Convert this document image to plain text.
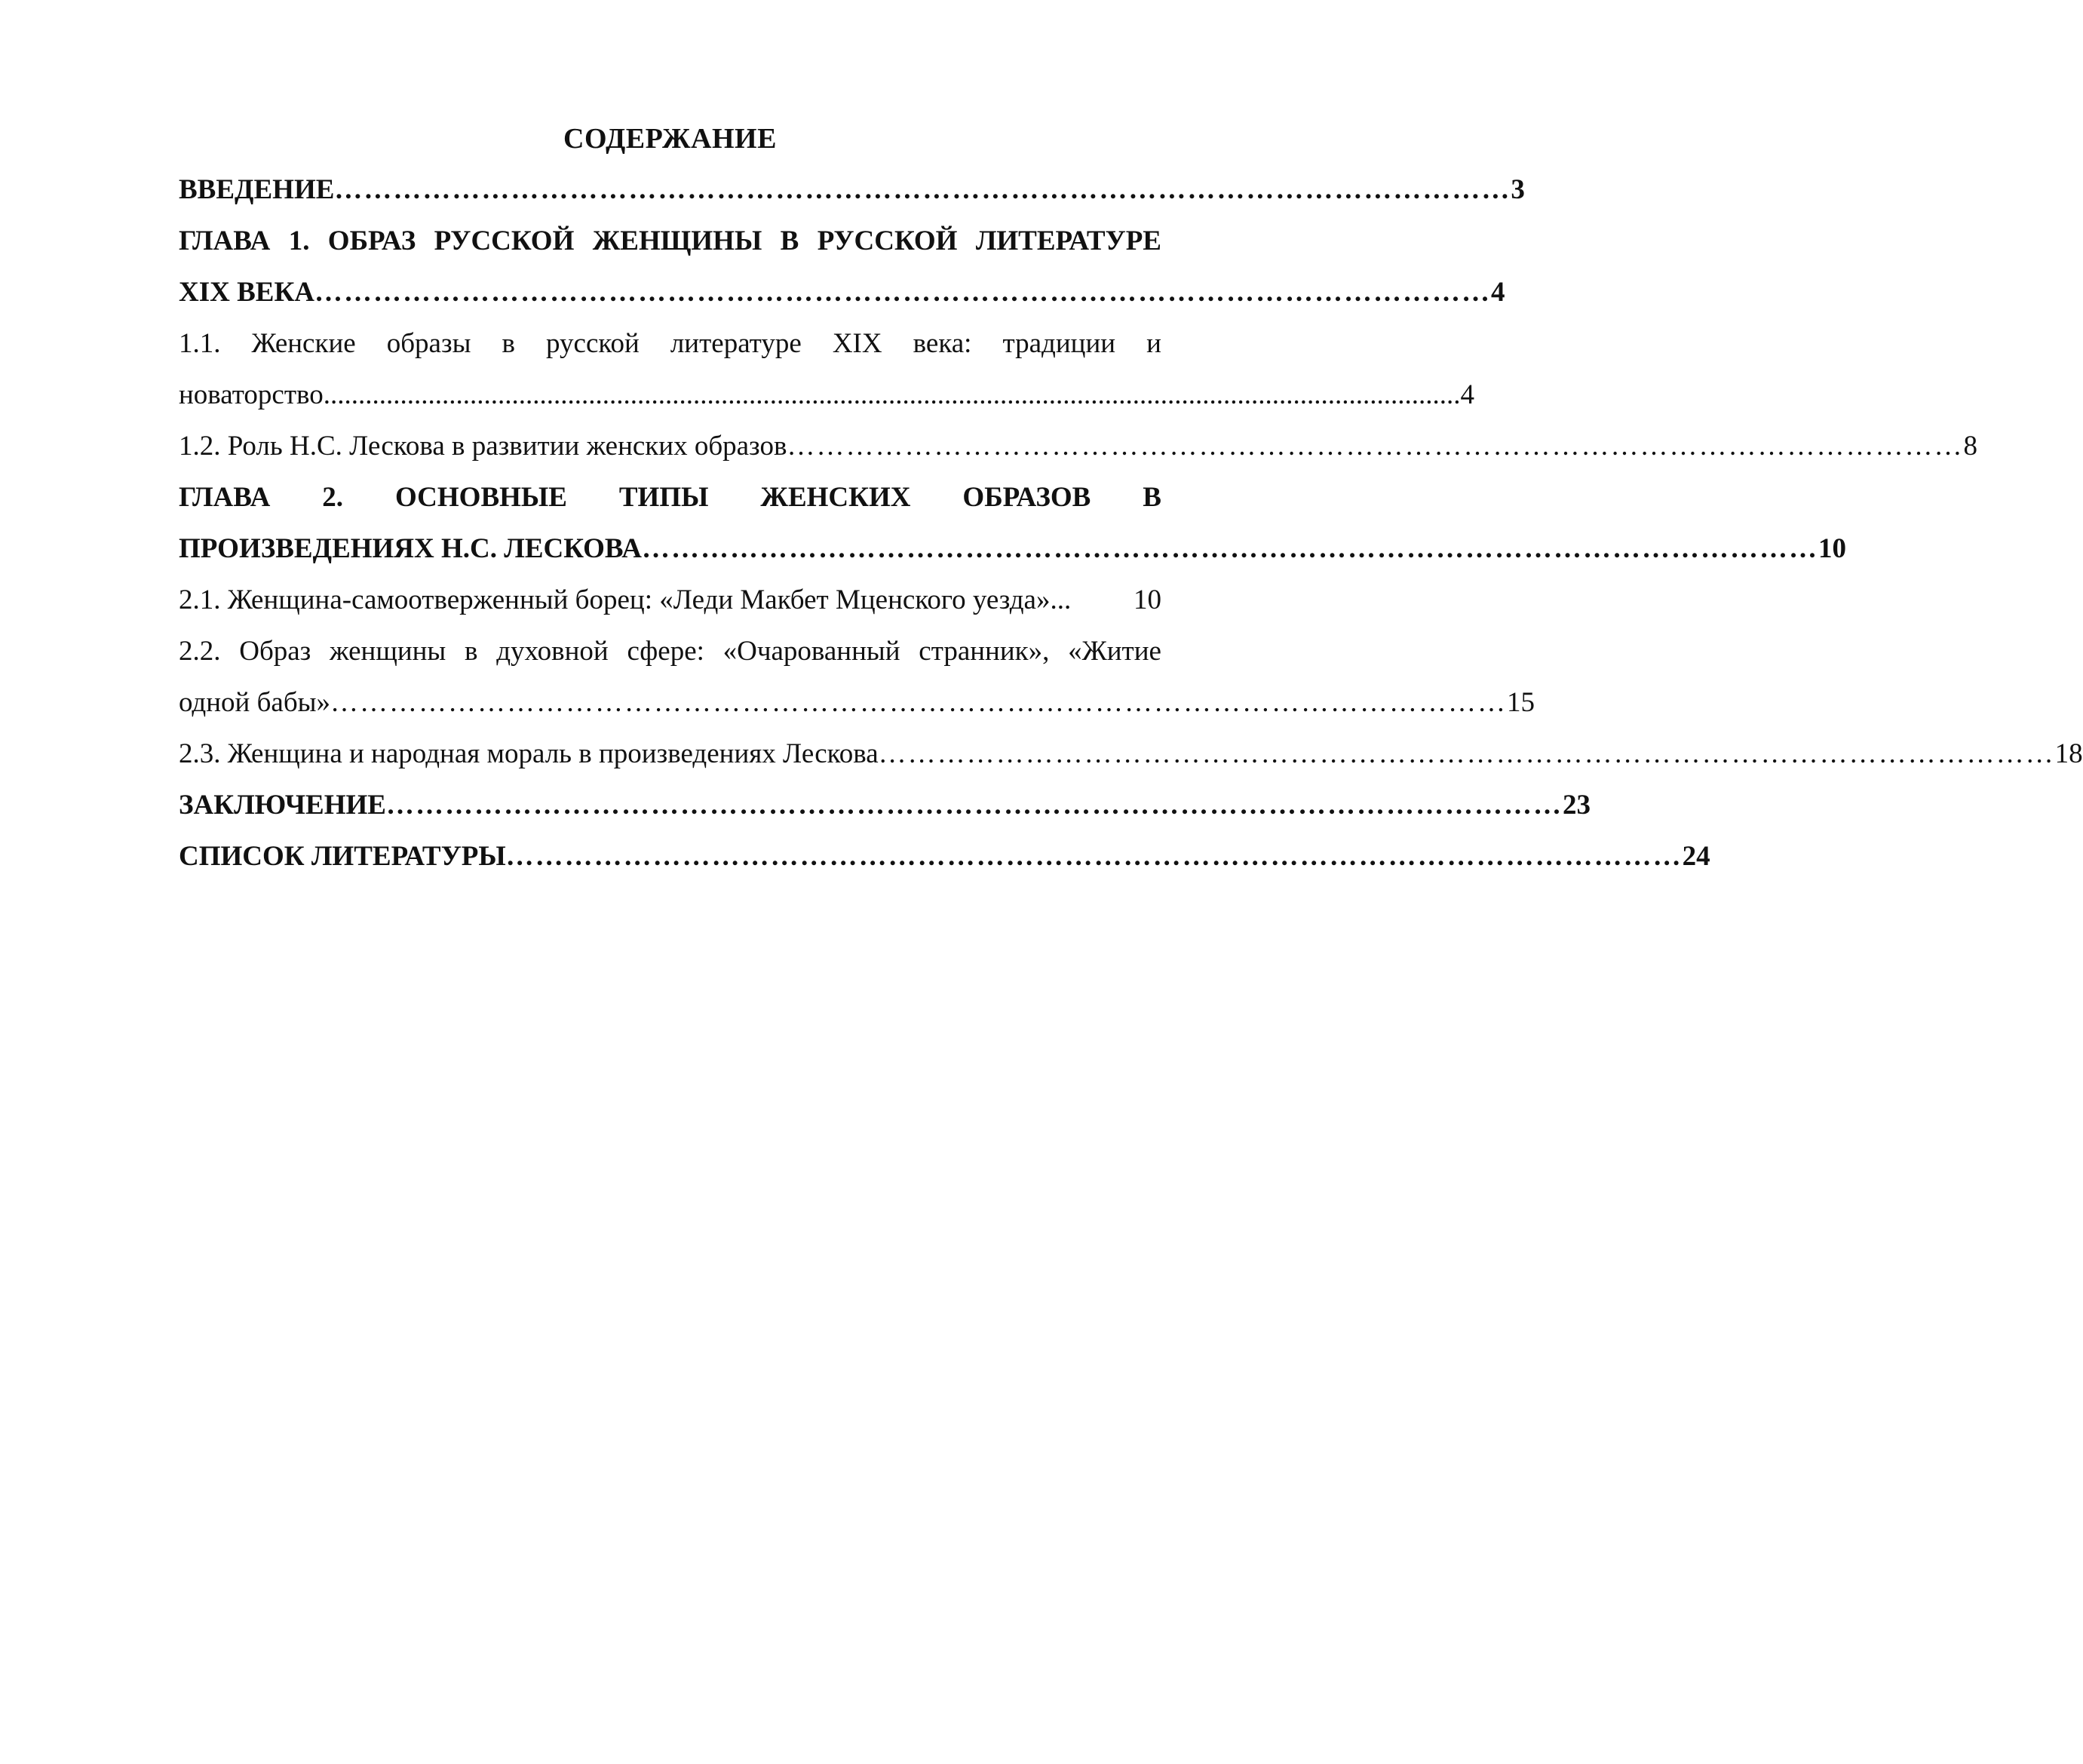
СОДЕРЖАНИЕ
ВВЕДЕНИЕ ………………………………………………………………………………………………………… 3
ГЛАВА 1. ОБРАЗ РУССКОЙ ЖЕНЩИНЫ В РУССКОЙ ЛИТЕРАТУРЕ
XIX ВЕКА ………………………………………………………………………………………………………… 4
1.1. Женские образы в русской литературе XIX века: традиции и
новаторство ................................................................................................................................................................... 4
1.2. Роль Н.С. Лескова в развитии женских образов ………………………………………………………………………………………………………… 8
ГЛАВА 2. ОСНОВНЫЕ ТИПЫ ЖЕНСКИХ ОБРАЗОВ В
ПРОИЗВЕДЕНИЯХ Н.С. ЛЕСКОВА ………………………………………………………………………………………………………… 10
2.1. Женщина-самоотверженный борец: «Леди Макбет Мценского уезда» ...	10
2.2. Образ женщины в духовной сфере: «Очарованный странник», «Житие
одной бабы» ………………………………………………………………………………………………………… 15
2.3. Женщина и народная мораль в произведениях Лескова ………………………………………………………………………………………………………… 18
ЗАКЛЮЧЕНИЕ ………………………………………………………………………………………………………… 23
СПИСОК ЛИТЕРАТУРЫ ………………………………………………………………………………………………………… 24
